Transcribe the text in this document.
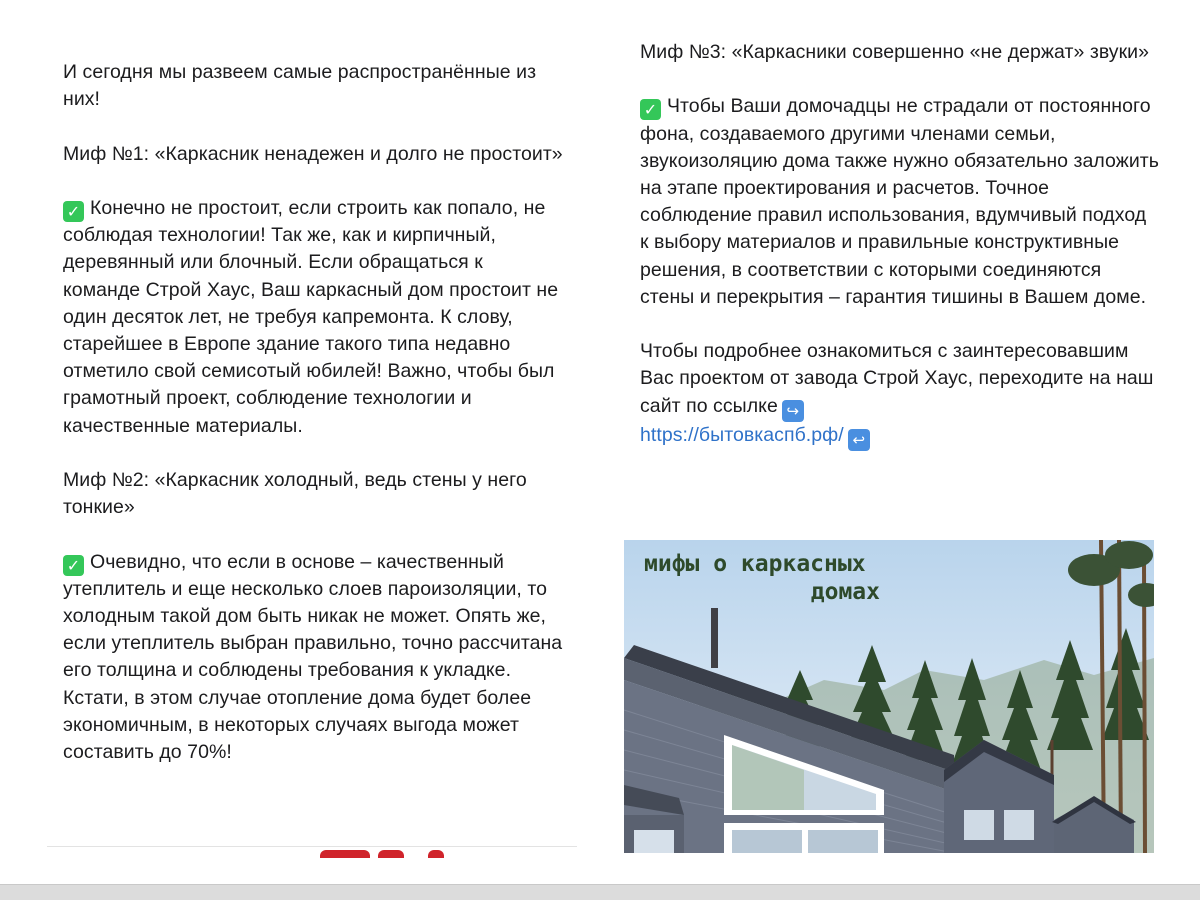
И сегодня мы развеем самые распространённые из них!

Миф №1: «Каркасник ненадежен и долго не простоит»

✓ Конечно не простоит, если строить как попало, не соблюдая технологии! Так же, как и кирпичный, деревянный или блочный. Если обращаться к команде Строй Хаус, Ваш каркасный дом простоит не один десяток лет, не требуя капремонта. К слову, старейшее в Европе здание такого типа недавно отметило свой семисотый юбилей! Важно, чтобы был грамотный проект, соблюдение технологии и качественные материалы.

Миф №2: «Каркасник холодный, ведь стены у него тонкие»

✓ Очевидно, что если в основе – качественный утеплитель и еще несколько слоев пароизоляции, то холодным такой дом быть никак не может. Опять же, если утеплитель выбран правильно, точно рассчитана его толщина и соблюдены требования к укладке. Кстати, в этом случае отопление дома будет более экономичным, в некоторых случаях выгода может составить до 70%!

Миф №3: «Каркасники совершенно «не держат» звуки»

✓ Чтобы Ваши домочадцы не страдали от постоянного фона, создаваемого другими членами семьи, звукоизоляцию дома также нужно обязательно заложить на этапе проектирования и расчетов. Точное соблюдение правил использования, вдумчивый подход к выбору материалов и правильные конструктивные решения, в соответствии с которыми соединяются стены и перекрытия – гарантия тишины в Вашем доме.

Чтобы подробнее ознакомиться с заинтересовавшим Вас проектом от завода Строй Хаус, переходите на наш сайт по ссылке ↪
https://бытовкаспб.рф/ ↩

мифы о каркасных
домах
